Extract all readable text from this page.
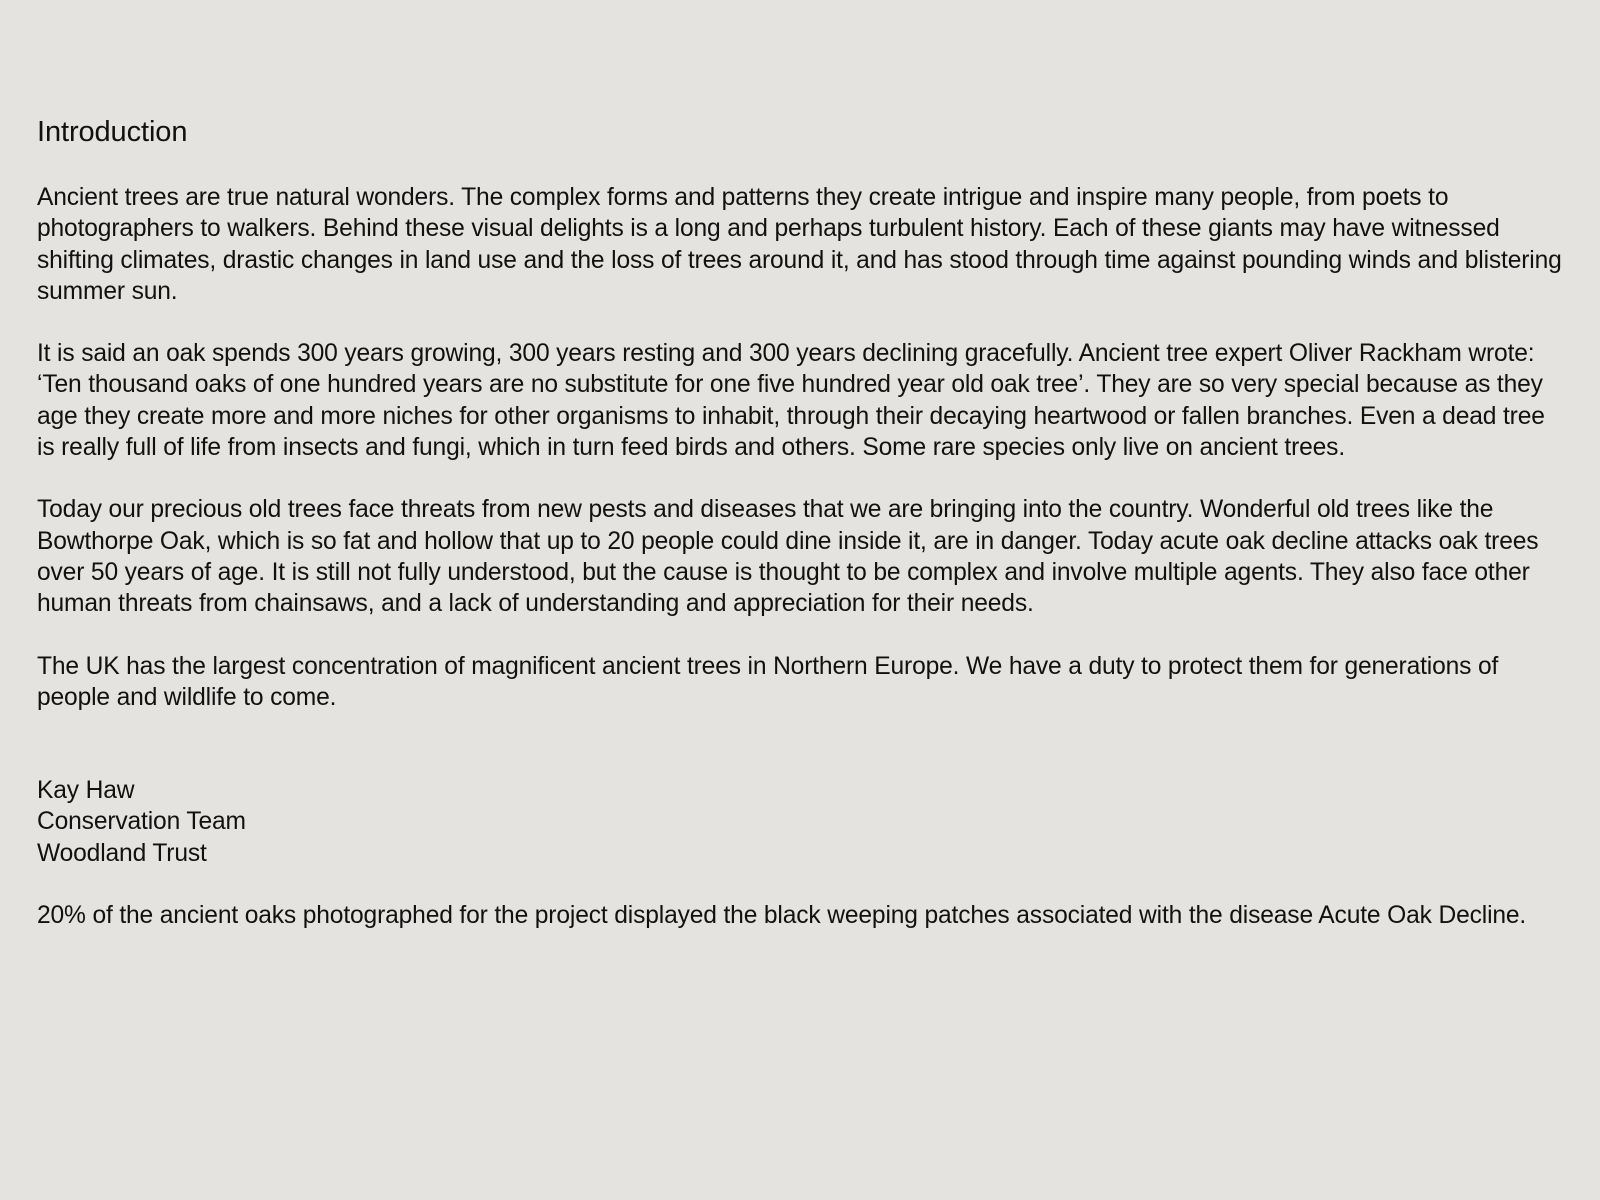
Introduction

Ancient trees are true natural wonders. The complex forms and patterns they create intrigue and inspire many people, from poets to photographers to walkers. Behind these visual delights is a long and perhaps turbulent history. Each of these giants may have witnessed shifting climates, drastic changes in land use and the loss of trees around it, and has stood through time against pounding winds and blistering summer sun.

It is said an oak spends 300 years growing, 300 years resting and 300 years declining gracefully. Ancient tree expert Oliver Rackham wrote: ‘Ten thousand oaks of one hundred years are no substitute for one five hundred year old oak tree’. They are so very special because as they age they create more and more niches for other organisms to inhabit, through their decaying heartwood or fallen branches. Even a dead tree is really full of life from insects and fungi, which in turn feed birds and others. Some rare species only live on ancient trees.

Today our precious old trees face threats from new pests and diseases that we are bringing into the country. Wonderful old trees like the Bowthorpe Oak, which is so fat and hollow that up to 20 people could dine inside it, are in danger. Today acute oak decline attacks oak trees over 50 years of age. It is still not fully understood, but the cause is thought to be complex and involve multiple agents. They also face other human threats from chainsaws, and a lack of understanding and appreciation for their needs.

The UK has the largest concentration of magnificent ancient trees in Northern Europe. We have a duty to protect them for generations of people and wildlife to come.

Kay Haw
Conservation Team
Woodland Trust

20% of the ancient oaks photographed for the project displayed the black weeping patches associated with the disease Acute Oak Decline.
